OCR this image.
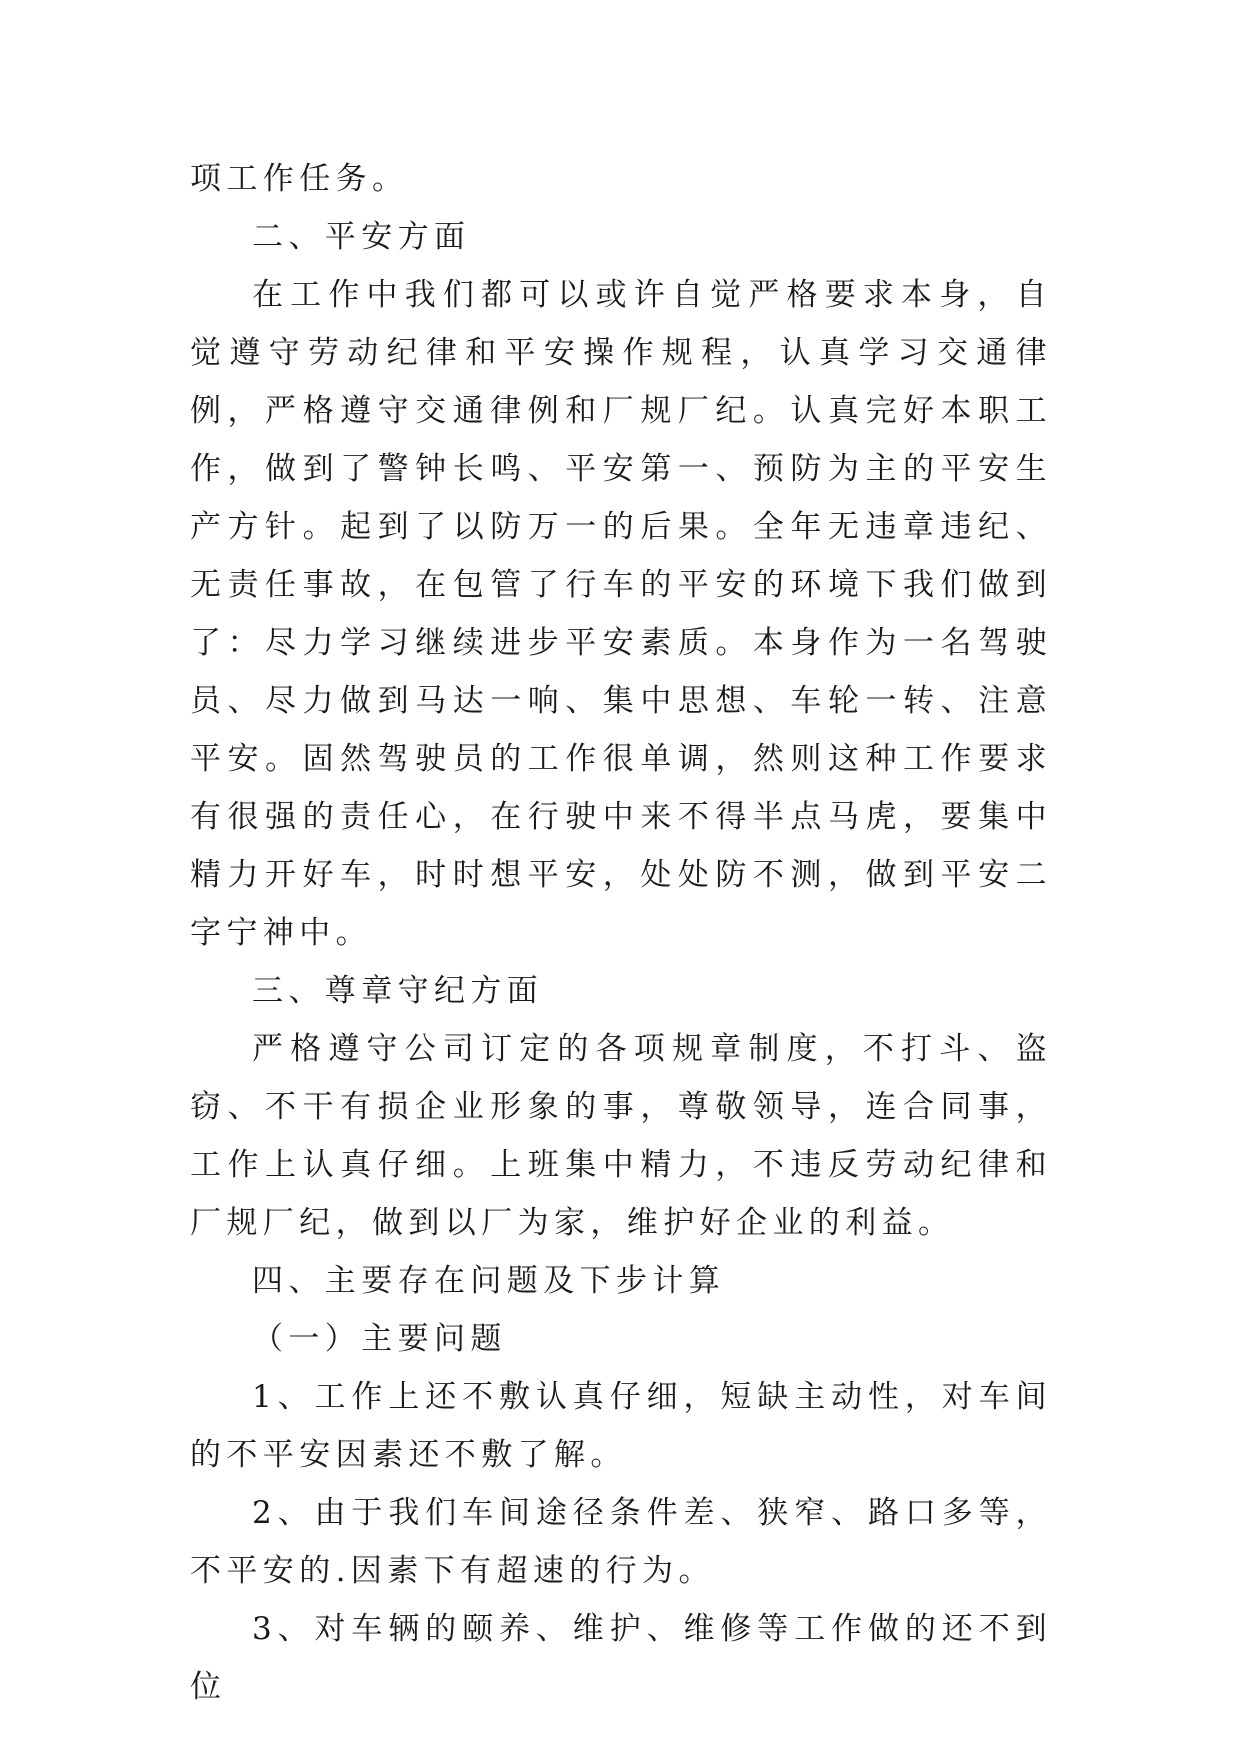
项工作任务。

二、平安方面

在工作中我们都可以或许自觉严格要求本身，自觉遵守劳动纪律和平安操作规程，认真学习交通律例，严格遵守交通律例和厂规厂纪。认真完好本职工作，做到了警钟长鸣、平安第一、预防为主的平安生产方针。起到了以防万一的后果。全年无违章违纪、无责任事故，在包管了行车的平安的环境下我们做到了：尽力学习继续进步平安素质。本身作为一名驾驶员、尽力做到马达一响、集中思想、车轮一转、注意平安。固然驾驶员的工作很单调，然则这种工作要求有很强的责任心，在行驶中来不得半点马虎，要集中精力开好车，时时想平安，处处防不测，做到平安二字宁神中。

三、尊章守纪方面

严格遵守公司订定的各项规章制度，不打斗、盗窃、不干有损企业形象的事，尊敬领导，连合同事，工作上认真仔细。上班集中精力，不违反劳动纪律和厂规厂纪，做到以厂为家，维护好企业的利益。

四、主要存在问题及下步计算

（一）主要问题

1、工作上还不敷认真仔细，短缺主动性，对车间的不平安因素还不敷了解。

2、由于我们车间途径条件差、狭窄、路口多等，不平安的.因素下有超速的行为。

3、对车辆的颐养、维护、维修等工作做的还不到位
